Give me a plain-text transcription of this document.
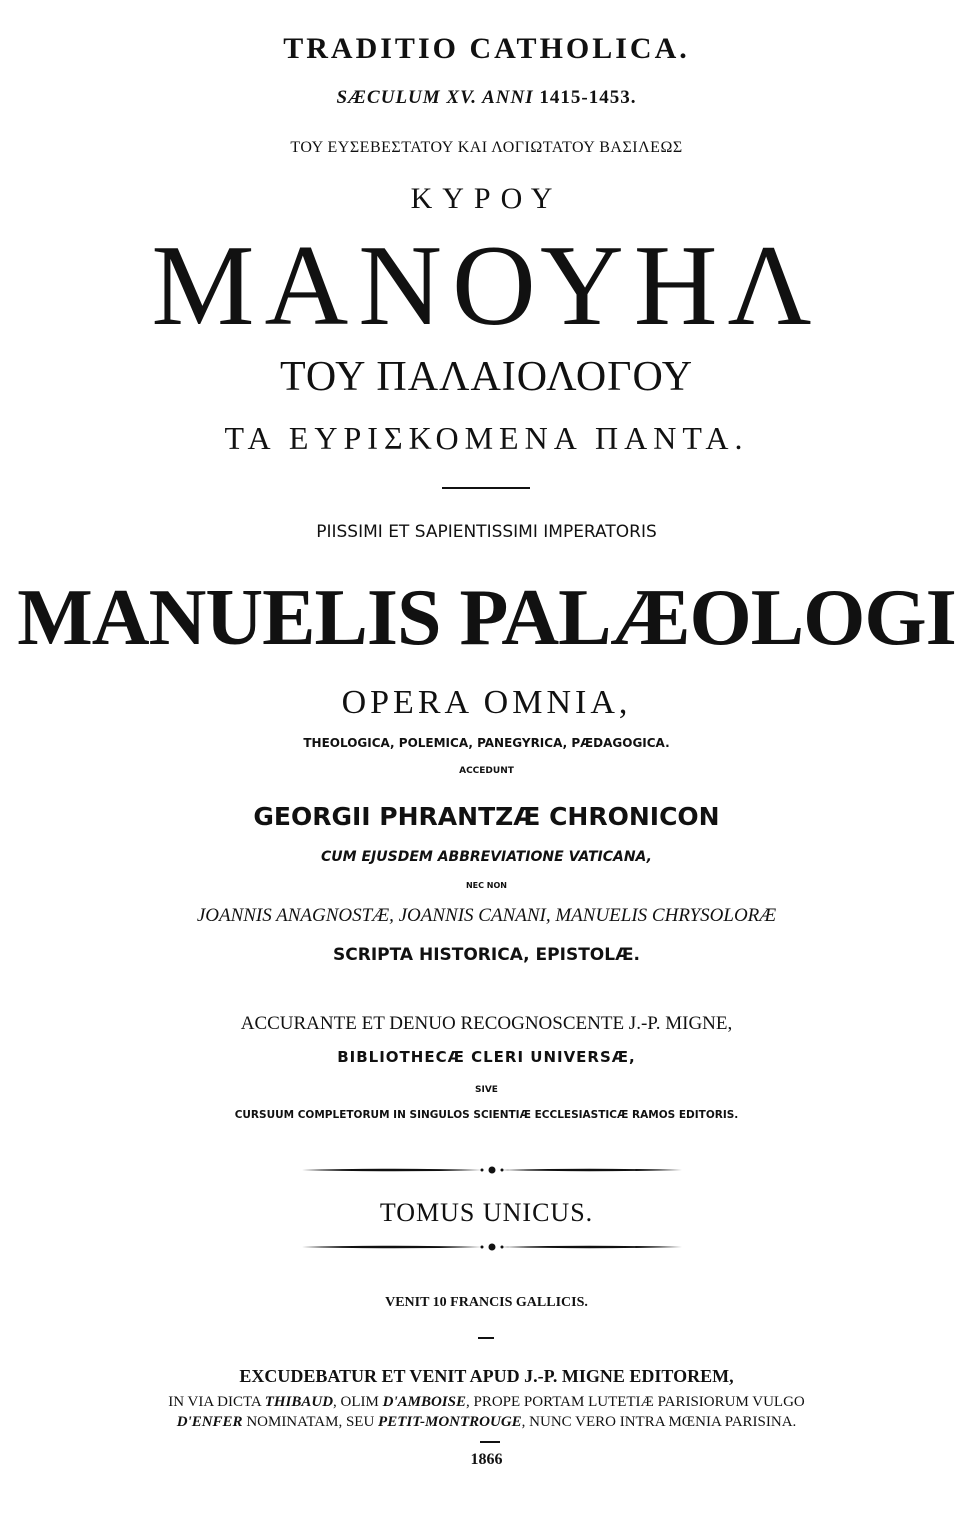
TRADITIO CATHOLICA.
SÆCULUM XV. ANNI 1415-1453.
ΤΟΥ ΕΥΣΕΒΕΣΤΑΤΟΥ ΚΑΙ ΛΟΓΙΩΤΑΤΟΥ ΒΑΣΙΛΕΩΣ
ΚΥΡΟΥ
ΜΑΝΟΥΗΛ
ΤΟΥ ΠΑΛΑΙΟΛΟΓΟΥ
ΤΑ ΕΥΡΙΣΚΟΜΕΝΑ ΠΑΝΤΑ.
PIISSIMI ET SAPIENTISSIMI IMPERATORIS
MANUELIS PALÆOLOGI
OPERA OMNIA,
THEOLOGICA, POLEMICA, PANEGYRICA, PÆDAGOGICA.
ACCEDUNT
GEORGII PHRANTZÆ CHRONICON
CUM EJUSDEM ABBREVIATIONE VATICANA,
NEC NON
JOANNIS ANAGNOSTÆ, JOANNIS CANANI, MANUELIS CHRYSOLORÆ
SCRIPTA HISTORICA, EPISTOLÆ.
ACCURANTE ET DENUO RECOGNOSCENTE J.-P. MIGNE,
BIBLIOTHECÆ CLERI UNIVERSÆ,
SIVE
CURSUUM COMPLETORUM IN SINGULOS SCIENTIÆ ECCLESIASTICÆ RAMOS EDITORIS.
TOMUS UNICUS.
VENIT 10 FRANCIS GALLICIS.
EXCUDEBATUR ET VENIT APUD J.-P. MIGNE EDITOREM,
IN VIA DICTA THIBAUD, OLIM D'AMBOISE, PROPE PORTAM LUTETIÆ PARISIORUM VULGO
D'ENFER NOMINATAM, SEU PETIT-MONTROUGE, NUNC VERO INTRA MŒNIA PARISINA.
1866
